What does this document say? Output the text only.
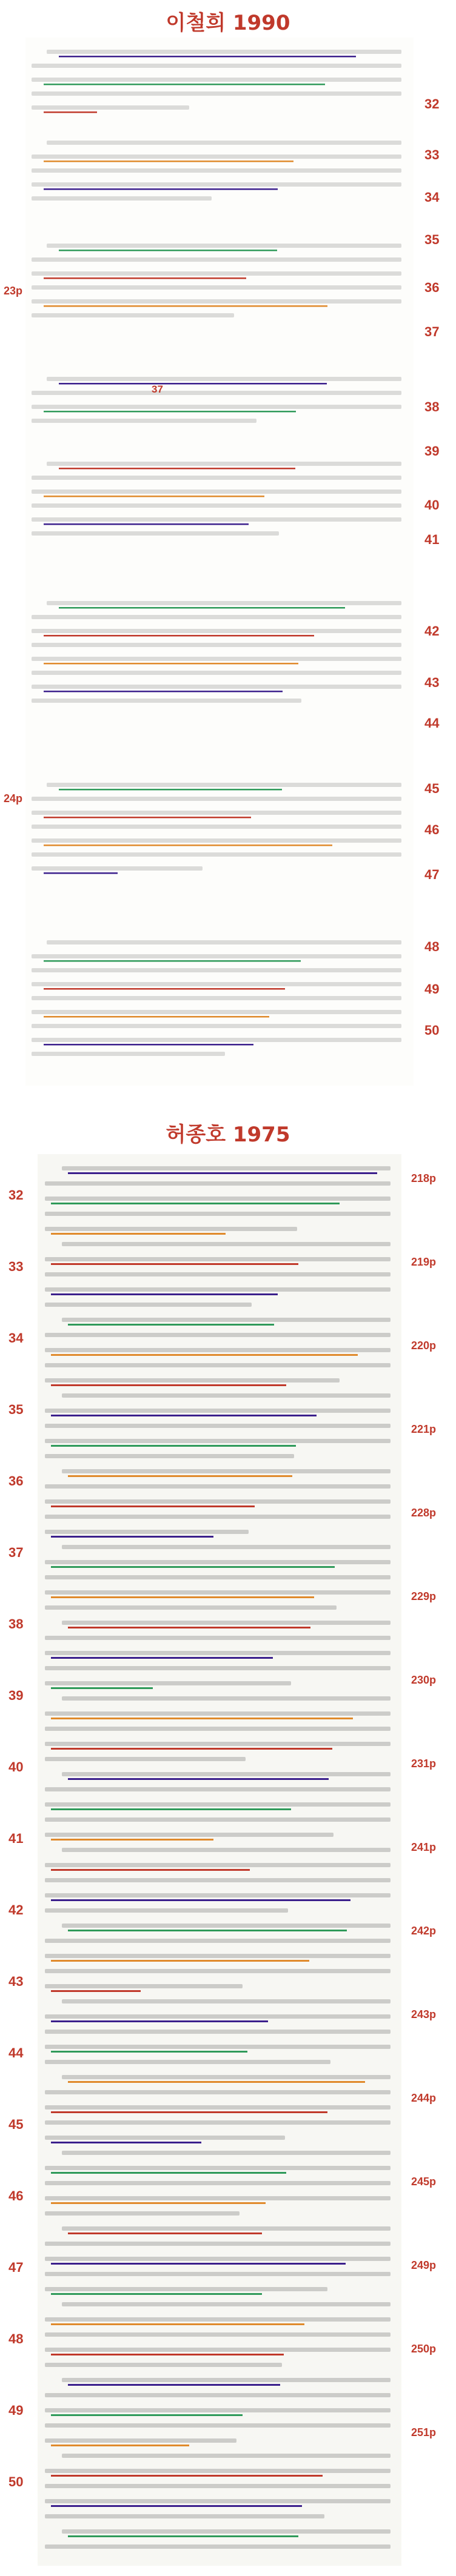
이철희 1990
23p
24p
37
32
33
34
35
36
37
38
39
40
41
42
43
44
45
46
47
48
49
50
허종호 1975
32
33
34
35
36
37
38
39
40
41
42
43
44
45
46
47
48
49
50
218p
219p
220p
221p
228p
229p
230p
231p
241p
242p
243p
244p
245p
249p
250p
251p
